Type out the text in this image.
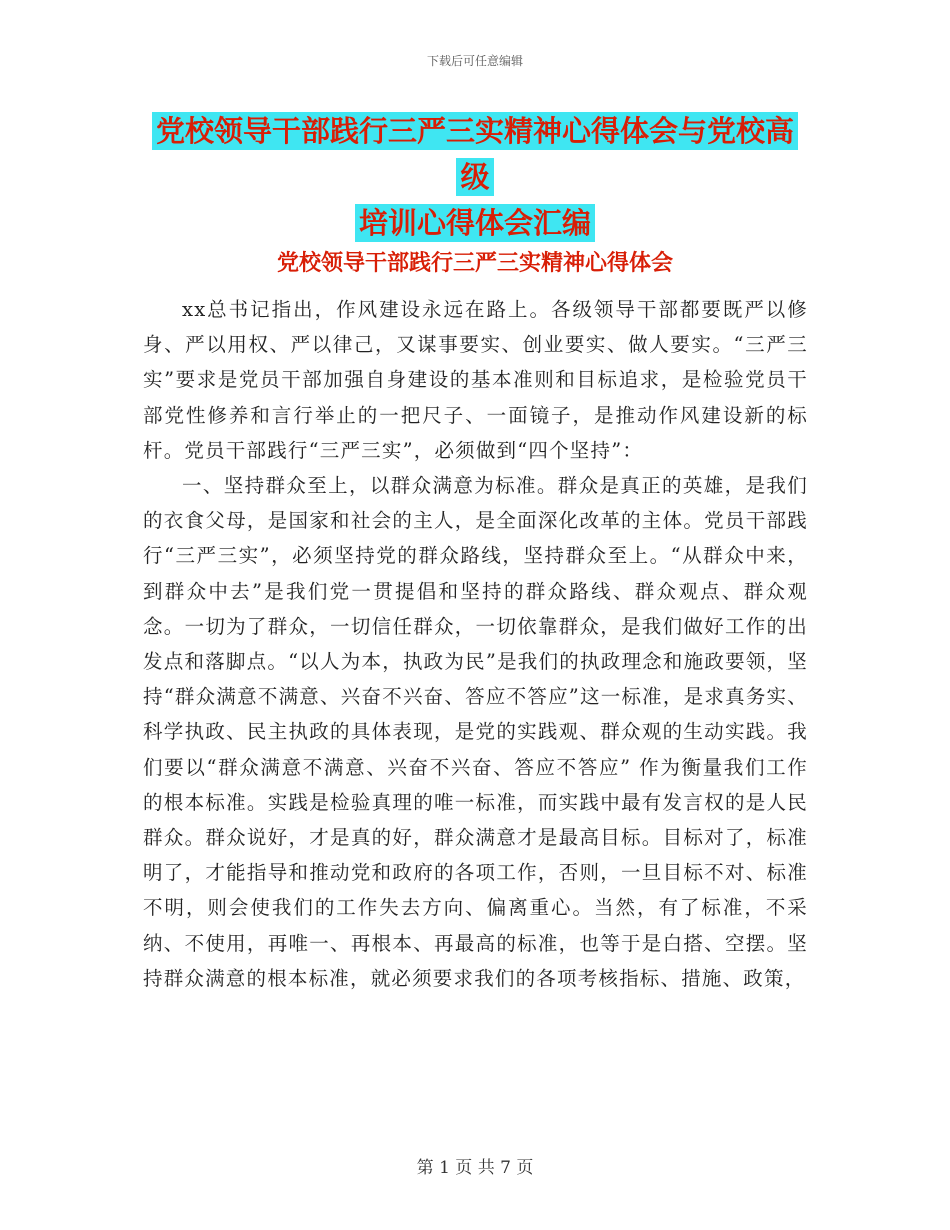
下载后可任意编辑
党校领导干部践行三严三实精神心得体会与党校高级
培训心得体会汇编
党校领导干部践行三严三实精神心得体会

xx总书记指出，作风建设永远在路上。各级领导干部都要既严以修身、严以用权、严以律己，又谋事要实、创业要实、做人要实。“三严三实”要求是党员干部加强自身建设的基本准则和目标追求，是检验党员干部党性修养和言行举止的一把尺子、一面镜子，是推动作风建设新的标杆。党员干部践行“三严三实”，必须做到“四个坚持”：

一、坚持群众至上，以群众满意为标准。群众是真正的英雄，是我们的衣食父母，是国家和社会的主人，是全面深化改革的主体。党员干部践行“三严三实”，必须坚持党的群众路线，坚持群众至上。“从群众中来，到群众中去”是我们党一贯提倡和坚持的群众路线、群众观点、群众观念。一切为了群众，一切信任群众，一切依靠群众，是我们做好工作的出发点和落脚点。“以人为本，执政为民”是我们的执政理念和施政要领，坚持“群众满意不满意、兴奋不兴奋、答应不答应”这一标准，是求真务实、科学执政、民主执政的具体表现，是党的实践观、群众观的生动实践。我们要以“群众满意不满意、兴奋不兴奋、答应不答应” 作为衡量我们工作的根本标准。实践是检验真理的唯一标准，而实践中最有发言权的是人民群众。群众说好，才是真的好，群众满意才是最高目标。目标对了，标准明了，才能指导和推动党和政府的各项工作，否则，一旦目标不对、标准不明，则会使我们的工作失去方向、偏离重心。当然，有了标准，不采纳、不使用，再唯一、再根本、再最高的标准，也等于是白搭、空摆。坚持群众满意的根本标准，就必须要求我们的各项考核指标、措施、政策，

第 1 页 共 7 页
